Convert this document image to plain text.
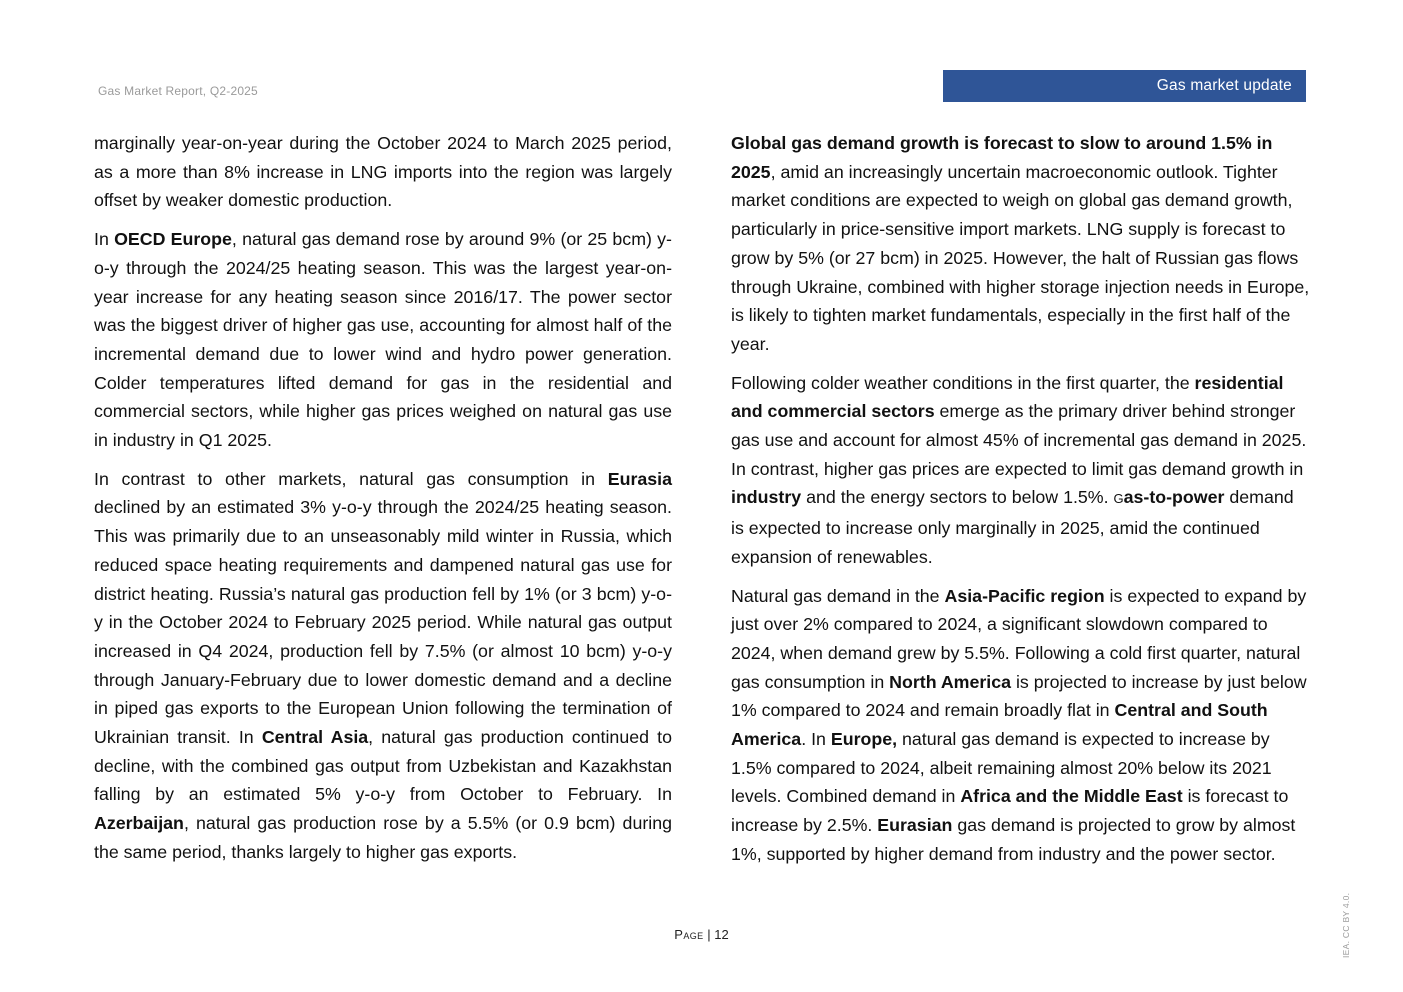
Gas Market Report, Q2-2025	Gas market update

marginally year-on-year during the October 2024 to March 2025 period, as a more than 8% increase in LNG imports into the region was largely offset by weaker domestic production.

In OECD Europe, natural gas demand rose by around 9% (or 25 bcm) y-o-y through the 2024/25 heating season. This was the largest year-on-year increase for any heating season since 2016/17. The power sector was the biggest driver of higher gas use, accounting for almost half of the incremental demand due to lower wind and hydro power generation. Colder temperatures lifted demand for gas in the residential and commercial sectors, while higher gas prices weighed on natural gas use in industry in Q1 2025.

In contrast to other markets, natural gas consumption in Eurasia declined by an estimated 3% y-o-y through the 2024/25 heating season. This was primarily due to an unseasonably mild winter in Russia, which reduced space heating requirements and dampened natural gas use for district heating. Russia’s natural gas production fell by 1% (or 3 bcm) y-o-y in the October 2024 to February 2025 period. While natural gas output increased in Q4 2024, production fell by 7.5% (or almost 10 bcm) y-o-y through January-February due to lower domestic demand and a decline in piped gas exports to the European Union following the termination of Ukrainian transit. In Central Asia, natural gas production continued to decline, with the combined gas output from Uzbekistan and Kazakhstan falling by an estimated 5% y-o-y from October to February. In Azerbaijan, natural gas production rose by a 5.5% (or 0.9 bcm) during the same period, thanks largely to higher gas exports.

Global gas demand growth is forecast to slow to around 1.5% in 2025, amid an increasingly uncertain macroeconomic outlook. Tighter market conditions are expected to weigh on global gas demand growth, particularly in price-sensitive import markets. LNG supply is forecast to grow by 5% (or 27 bcm) in 2025. However, the halt of Russian gas flows through Ukraine, combined with higher storage injection needs in Europe, is likely to tighten market fundamentals, especially in the first half of the year.

Following colder weather conditions in the first quarter, the residential and commercial sectors emerge as the primary driver behind stronger gas use and account for almost 45% of incremental gas demand in 2025. In contrast, higher gas prices are expected to limit gas demand growth in industry and the energy sectors to below 1.5%. Gas-to-power demand is expected to increase only marginally in 2025, amid the continued expansion of renewables.

Natural gas demand in the Asia-Pacific region is expected to expand by just over 2% compared to 2024, a significant slowdown compared to 2024, when demand grew by 5.5%. Following a cold first quarter, natural gas consumption in North America is projected to increase by just below 1% compared to 2024 and remain broadly flat in Central and South America. In Europe, natural gas demand is expected to increase by 1.5% compared to 2024, albeit remaining almost 20% below its 2021 levels. Combined demand in Africa and the Middle East is forecast to increase by 2.5%. Eurasian gas demand is projected to grow by almost 1%, supported by higher demand from industry and the power sector.

Page | 12	IEA. CC BY 4.0.
